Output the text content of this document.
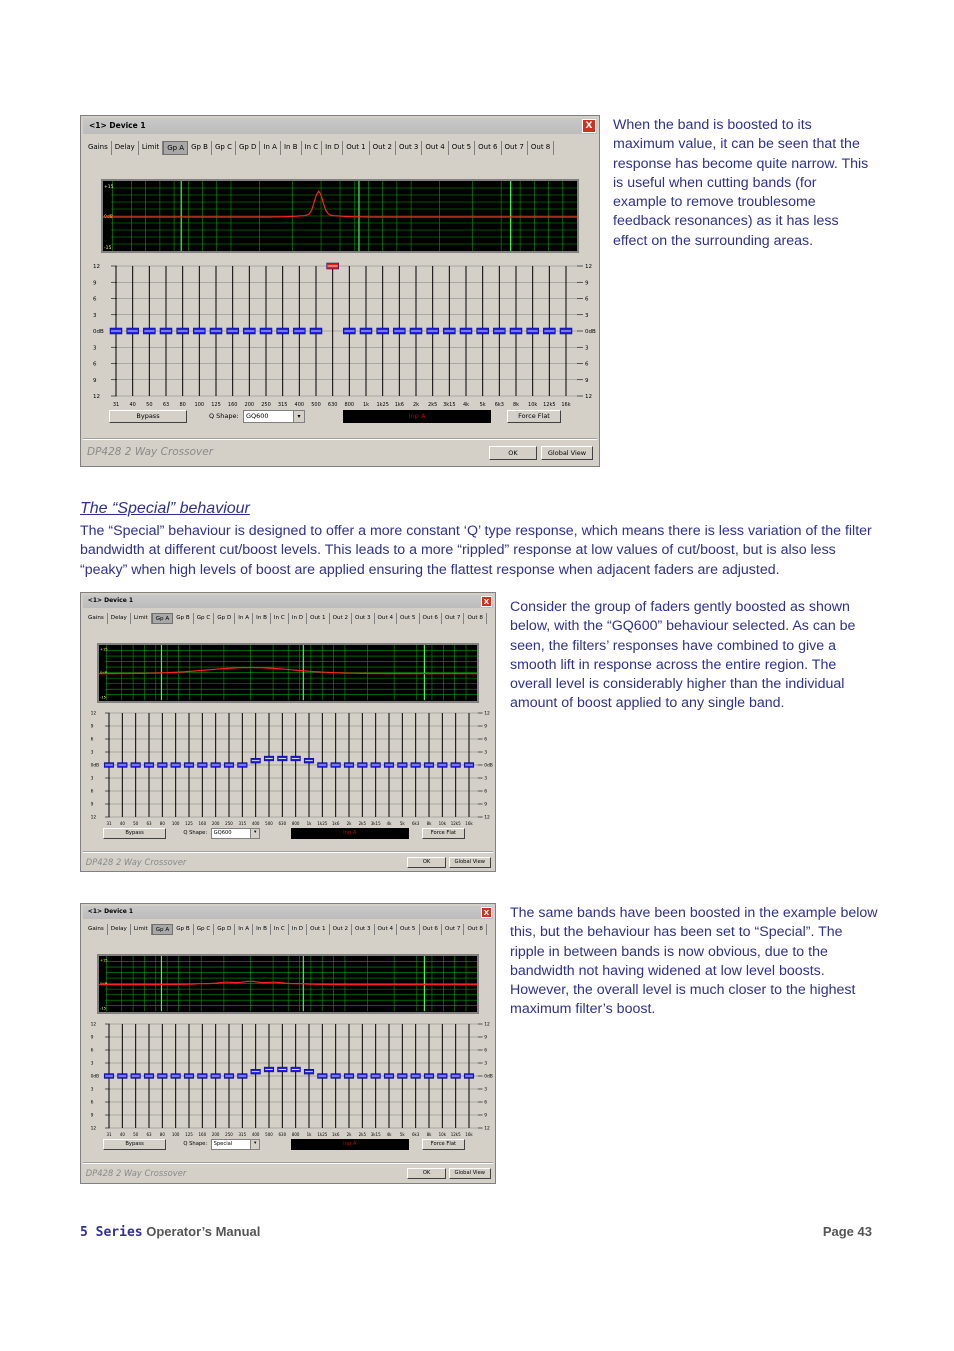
<1> Device 1	X
Gains	Delay	Limit	Gp A	Gp B	Gp C	Gp D	In A	In B	In C	In D	Out 1	Out 2	Out 3	Out 4	Out 5	Out 6	Out 7	Out 8
+15
0dB
-15
12	12
9	9
6	6
3	3
0dB	0dB
3	3
6	6
9	9
12	12
31 40 50 63 80 100 125 160 200 250 315 400 500 630 800 1k 1k25 1k6 2k 2k5 3k15 4k 5k 6k3 8k 10k 12k5 16k
Bypass	Q Shape:	GQ600	▾	Inp A	Force Flat
DP428 2 Way Crossover	OK	Global View

When the band is boosted to its maximum value, it can be seen that the response has become quite narrow. This is useful when cutting bands (for example to remove troublesome feedback resonances) as it has less effect on the surrounding areas.

The “Special” behaviour

The “Special” behaviour is designed to offer a more constant ‘Q’ type response, which means there is less variation of the filter bandwidth at different cut/boost levels. This leads to a more “rippled” response at low values of cut/boost, but is also less “peaky” when high levels of boost are applied ensuring the flattest response when adjacent faders are adjusted.

<1> Device 1	X
Gains	Delay	Limit	Gp A	Gp B	Gp C	Gp D	In A	In B	In C	In D	Out 1	Out 2	Out 3	Out 4	Out 5	Out 6	Out 7	Out 8
+15
0dB
-15
12	12
9	9
6	6
3	3
0dB	0dB
3	3
6	6
9	9
12	12
31 40 50 63 80 100 125 160 200 250 315 400 500 630 800 1k 1k25 1k6 2k 2k5 3k15 4k 5k 6k3 8k 10k 12k5 16k
Bypass	Q Shape:	GQ600	▾	Inp A	Force Flat
DP428 2 Way Crossover	OK	Global View

Consider the group of faders gently boosted as shown below, with the “GQ600” behaviour selected. As can be seen, the filters’ responses have combined to give a smooth lift in response across the entire region. The overall level is considerably higher than the individual amount of boost applied to any single band.

<1> Device 1	X
Gains	Delay	Limit	Gp A	Gp B	Gp C	Gp D	In A	In B	In C	In D	Out 1	Out 2	Out 3	Out 4	Out 5	Out 6	Out 7	Out 8
+15
0dB
-15
12	12
9	9
6	6
3	3
0dB	0dB
3	3
6	6
9	9
12	12
31 40 50 63 80 100 125 160 200 250 315 400 500 630 800 1k 1k25 1k6 2k 2k5 3k15 4k 5k 6k3 8k 10k 12k5 16k
Bypass	Q Shape:	Special	▾	Inp A	Force Flat
DP428 2 Way Crossover	OK	Global View

The same bands have been boosted in the example below this, but the behaviour has been set to “Special”. The ripple in between bands is now obvious, due to the bandwidth not having widened at low level boosts. However, the overall level is much closer to the highest maximum filter’s boost.

5 Series Operator’s Manual	Page 43
